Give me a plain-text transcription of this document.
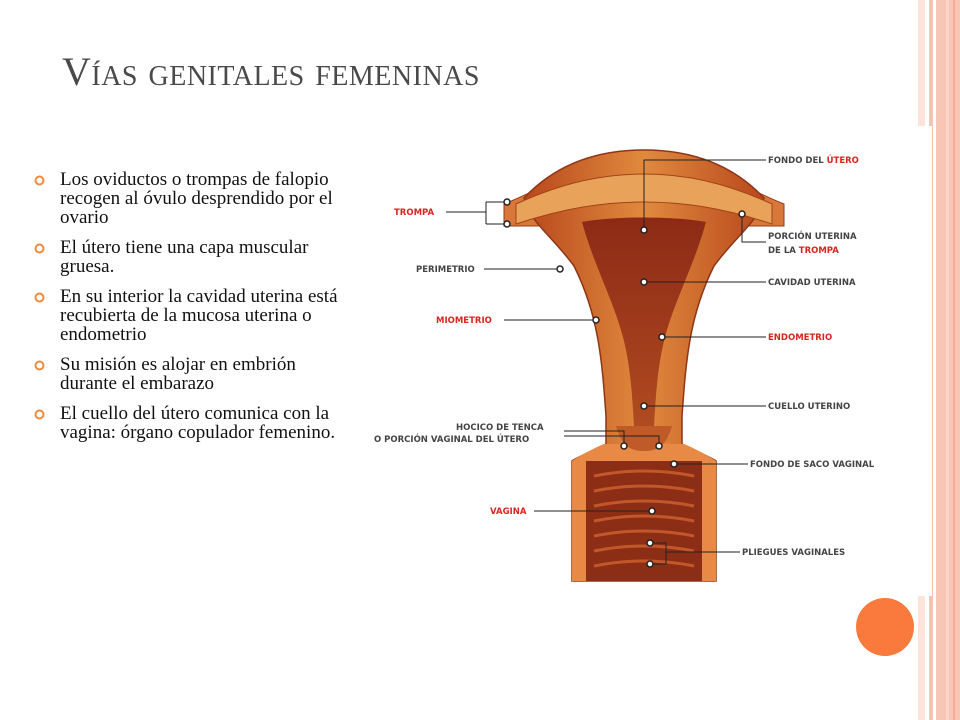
Vías genitales femeninas
Los oviductos o trompas de falopio recogen al óvulo desprendido por el ovario
El útero tiene una capa muscular gruesa.
En su interior la cavidad uterina está recubierta de la mucosa uterina o endometrio
Su misión es alojar en embrión durante el embarazo
El cuello del útero comunica con la vagina: órgano copulador femenino.
FONDO DEL ÚTERO
TROMPA
PORCIÓN UTERINA
DE LA TROMPA
PERIMETRIO
CAVIDAD UTERINA
MIOMETRIO
ENDOMETRIO
CUELLO UTERINO
HOCICO DE TENCA
O PORCIÓN VAGINAL DEL ÚTERO
FONDO DE SACO VAGINAL
VAGINA
PLIEGUES VAGINALES
